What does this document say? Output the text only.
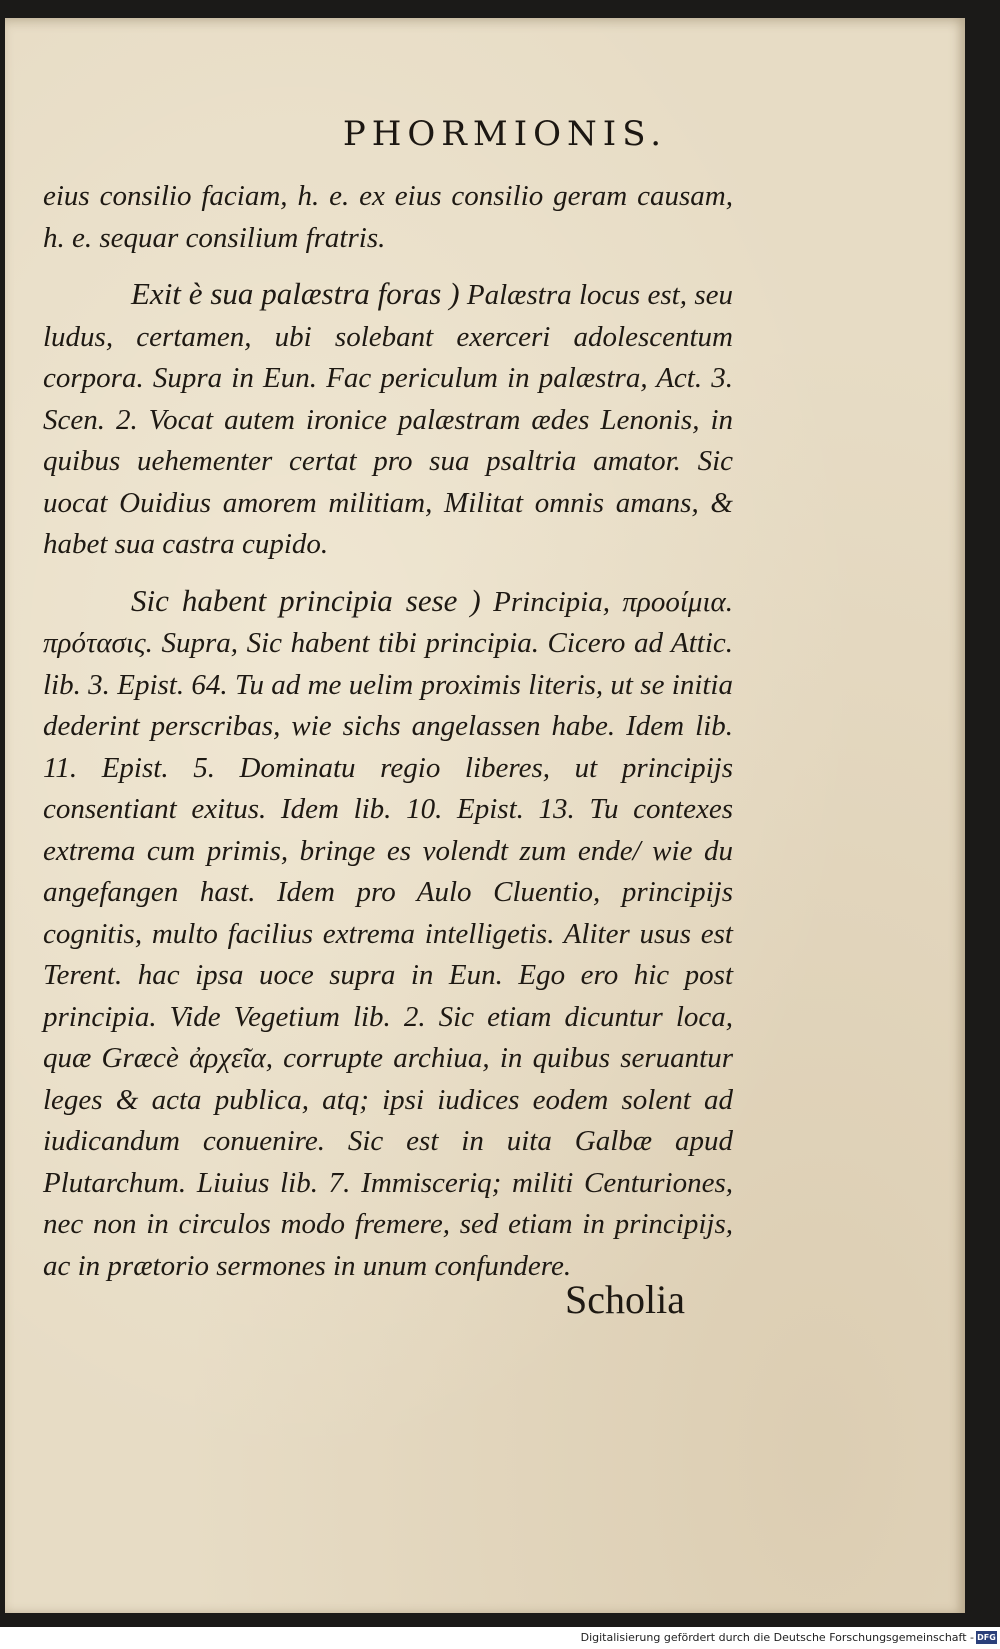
PHORMIONIS.

eius consilio faciam, h. e. ex eius consilio geram causam, h. e. sequar consilium fratris.

Exit è sua palæstra foras ) Palæstra locus est, seu ludus, certamen, ubi solebant exerceri adolescentum corpora. Supra in Eun. Fac periculum in palæstra, Act. 3. Scen. 2. Vocat autem ironice palæstram ædes Lenonis, in quibus uehementer certat pro sua psaltria amator. Sic uocat Ouidius amorem militiam, Militat omnis amans, & habet sua castra cupido.

Sic habent principia sese ) Principia, προοίμια. πρότασις. Supra, Sic habent tibi principia. Cicero ad Attic. lib. 3. Epist. 64. Tu ad me uelim proximis literis, ut se initia dederint perscribas, wie sichs angelassen habe. Idem lib. 11. Epist. 5. Dominatu regio liberes, ut principijs consentiant exitus. Idem lib. 10. Epist. 13. Tu contexes extrema cum primis, bringe es volendt zum ende/ wie du angefangen hast. Idem pro Aulo Cluentio, principijs cognitis, multo facilius extrema intelligetis. Aliter usus est Terent. hac ipsa uoce supra in Eun. Ego ero hic post principia. Vide Vegetium lib. 2. Sic etiam dicuntur loca, quæ Græcè ἀρχεῖα, corrupte archiua, in quibus seruantur leges & acta publica, atq; ipsi iudices eodem solent ad iudicandum conuenire. Sic est in uita Galbæ apud Plutarchum. Liuius lib. 7. Immisceriq; militi Centuriones, nec non in circulos modo fremere, sed etiam in principijs, ac in prætorio sermones in unum confundere.

Scholia
Digitalisierung gefördert durch die Deutsche Forschungsgemeinschaft - DFG
